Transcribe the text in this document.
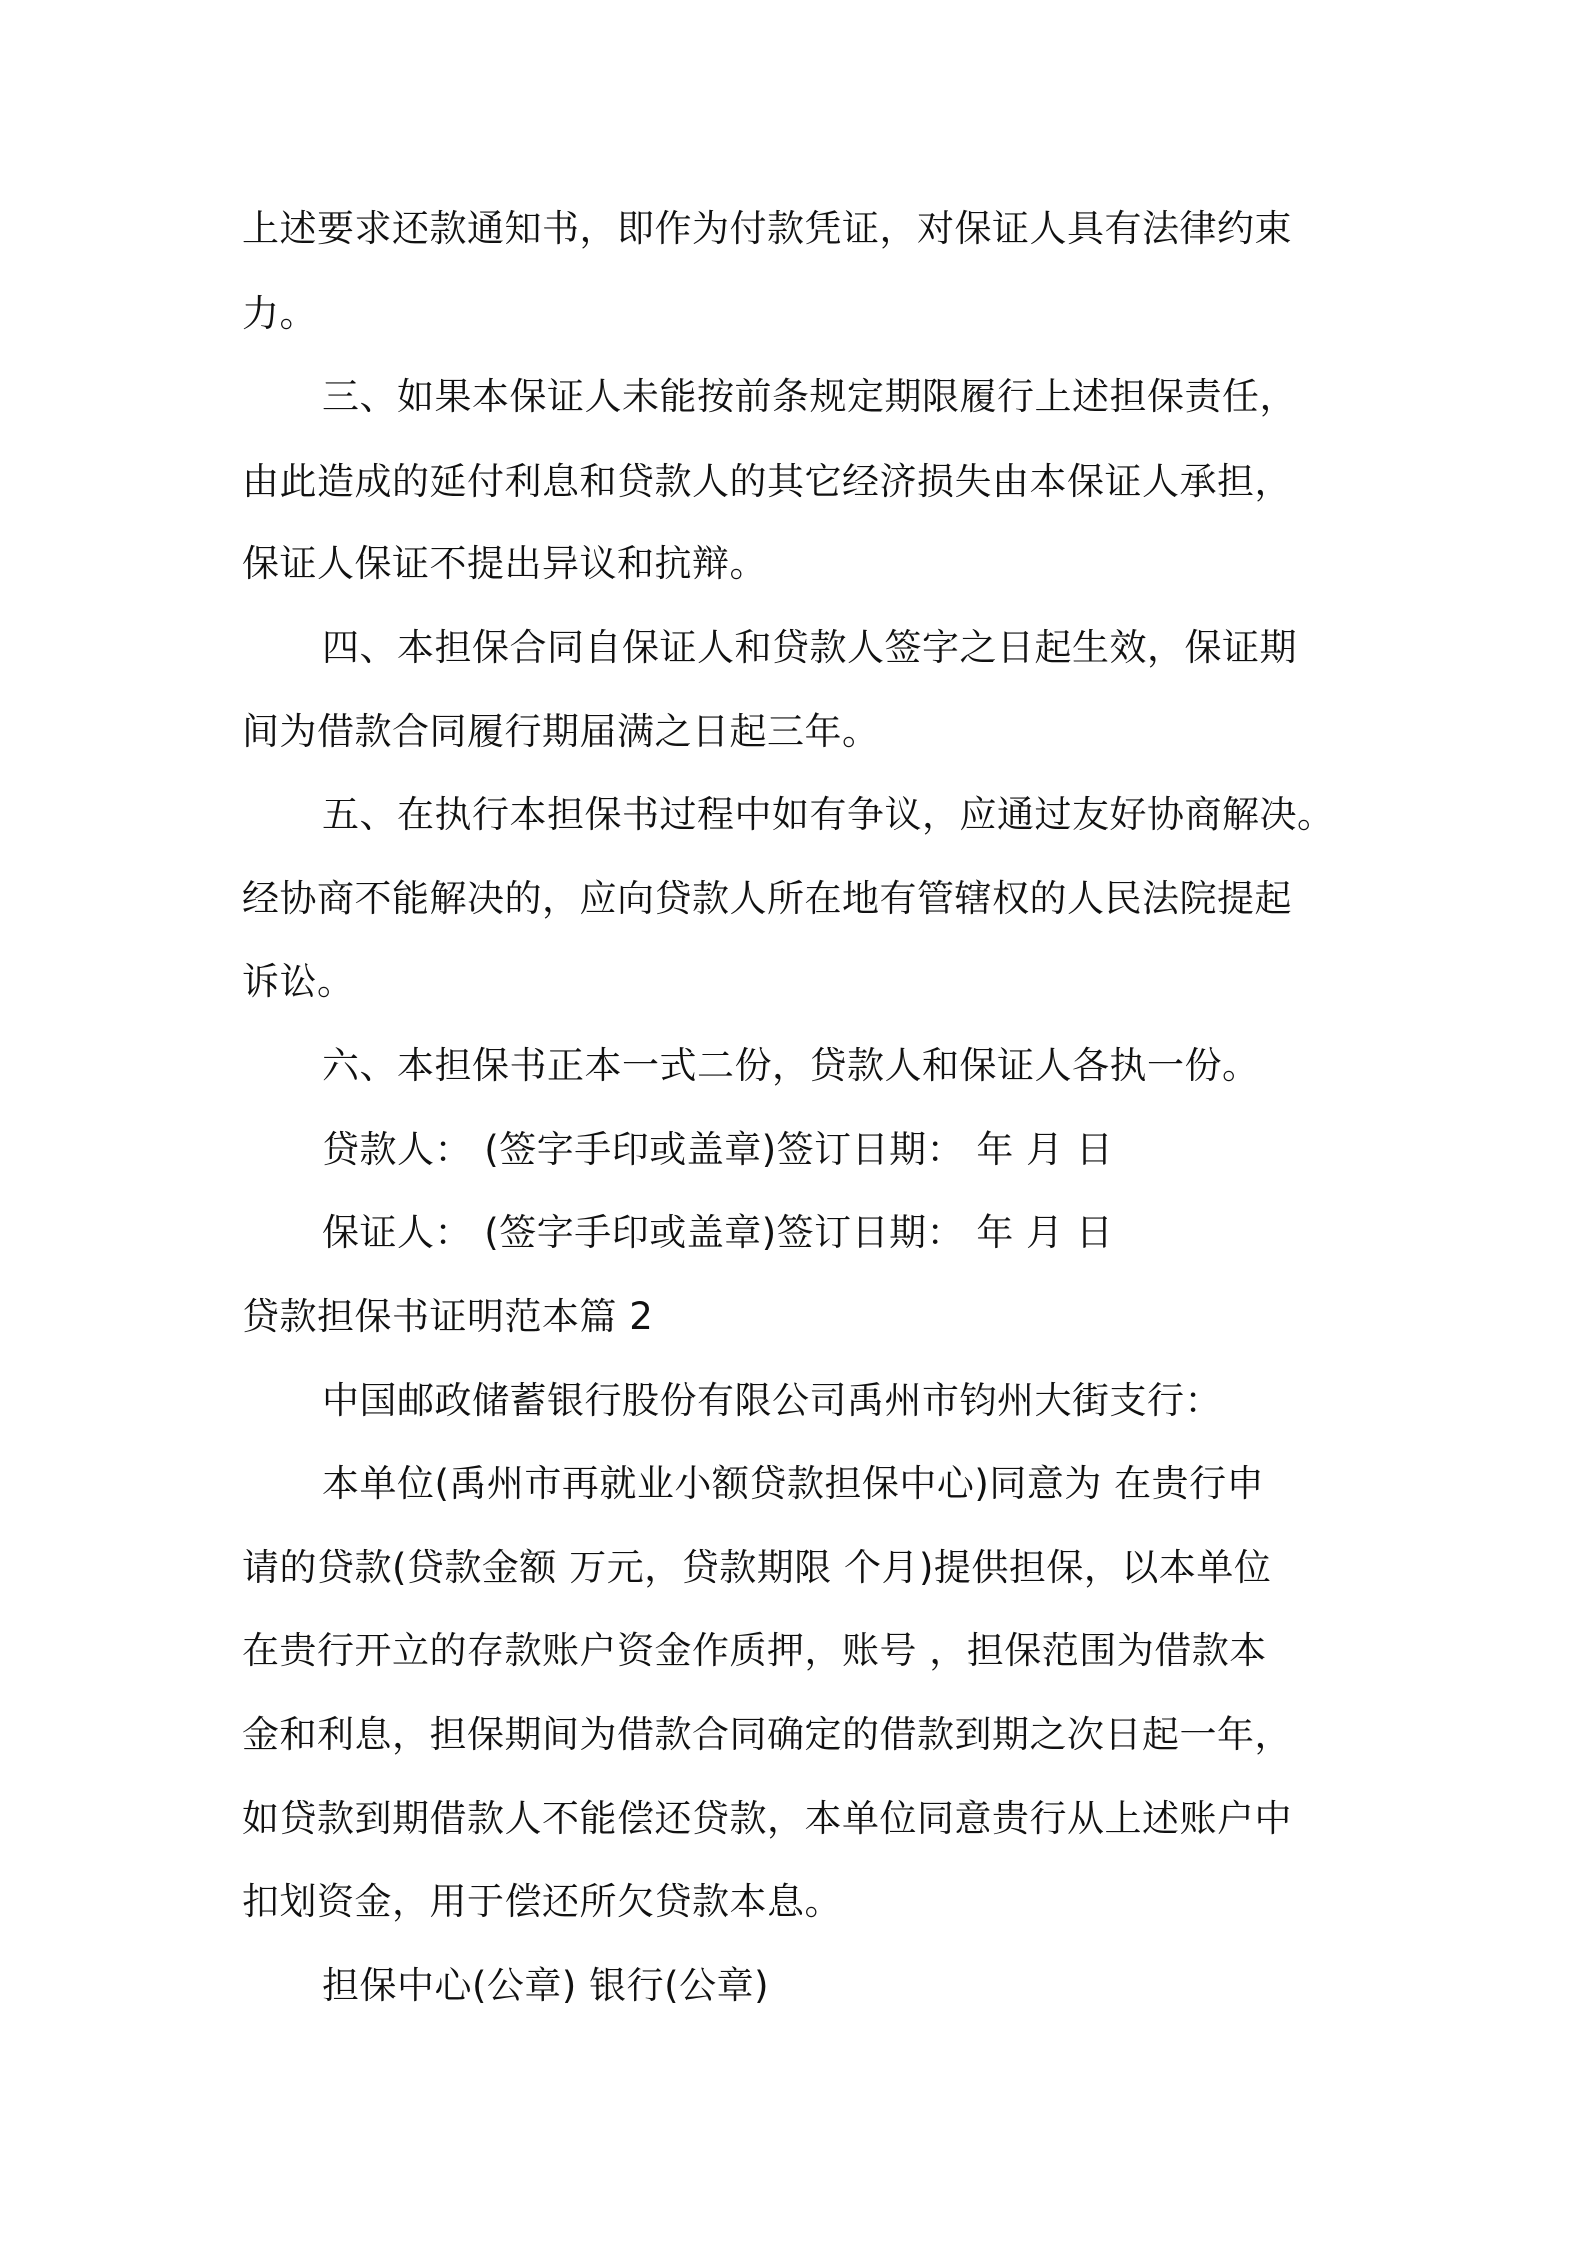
上述要求还款通知书，即作为付款凭证，对保证人具有法律约束
力。
三、如果本保证人未能按前条规定期限履行上述担保责任，
由此造成的延付利息和贷款人的其它经济损失由本保证人承担，
保证人保证不提出异议和抗辩。
四、本担保合同自保证人和贷款人签字之日起生效，保证期
间为借款合同履行期届满之日起三年。
五、在执行本担保书过程中如有争议，应通过友好协商解决。
经协商不能解决的，应向贷款人所在地有管辖权的人民法院提起
诉讼。
六、本担保书正本一式二份，贷款人和保证人各执一份。
贷款人： (签字手印或盖章)签订日期： 年 月 日
保证人： (签字手印或盖章)签订日期： 年 月 日
贷款担保书证明范本篇 2
中国邮政储蓄银行股份有限公司禹州市钧州大街支行：
本单位(禹州市再就业小额贷款担保中心)同意为 在贵行申
请的贷款(贷款金额 万元，贷款期限 个月)提供担保，以本单位
在贵行开立的存款账户资金作质押，账号 ，担保范围为借款本
金和利息，担保期间为借款合同确定的借款到期之次日起一年，
如贷款到期借款人不能偿还贷款，本单位同意贵行从上述账户中
扣划资金，用于偿还所欠贷款本息。
担保中心(公章) 银行(公章)
